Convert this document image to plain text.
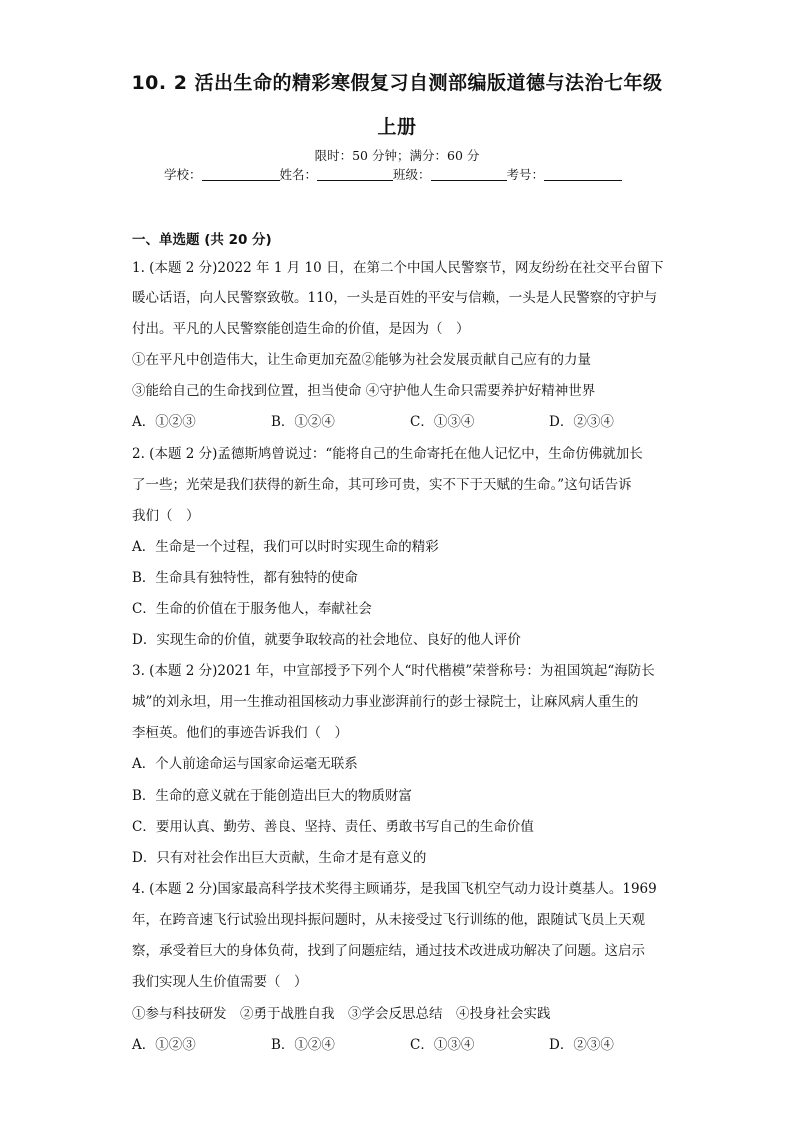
10. 2 活出生命的精彩寒假复习自测部编版道德与法治七年级
上册
限时：50 分钟；满分：60 分
学校：	姓名：	班级：	考号：
一、单选题 (共 20 分)
1. (本题 2 分)2022 年 1 月 10 日，在第二个中国人民警察节，网友纷纷在社交平台留下
暖心话语，向人民警察致敬。110，一头是百姓的平安与信赖，一头是人民警察的守护与
付出。平凡的人民警察能创造生命的价值，是因为（　）
①在平凡中创造伟大，让生命更加充盈②能够为社会发展贡献自己应有的力量
③能给自己的生命找到位置，担当使命 ④守护他人生命只需要养护好精神世界
A．①②③	B．①②④	C．①③④	D．②③④
2. (本题 2 分)孟德斯鸠曾说过：“能将自己的生命寄托在他人记忆中，生命仿佛就加长
了一些；光荣是我们获得的新生命，其可珍可贵，实不下于天赋的生命。”这句话告诉
我们（　）
A．生命是一个过程，我们可以时时实现生命的精彩
B．生命具有独特性，都有独特的使命
C．生命的价值在于服务他人，奉献社会
D．实现生命的价值，就要争取较高的社会地位、良好的他人评价
3. (本题 2 分)2021 年，中宣部授予下列个人“时代楷模”荣誉称号：为祖国筑起“海防长
城”的刘永坦，用一生推动祖国核动力事业澎湃前行的彭士禄院士，让麻风病人重生的
李桓英。他们的事迹告诉我们（　）
A．个人前途命运与国家命运毫无联系
B．生命的意义就在于能创造出巨大的物质财富
C．要用认真、勤劳、善良、坚持、责任、勇敢书写自己的生命价值
D．只有对社会作出巨大贡献，生命才是有意义的
4. (本题 2 分)国家最高科学技术奖得主顾诵芬，是我国飞机空气动力设计奠基人。1969
年，在跨音速飞行试验出现抖振问题时，从未接受过飞行训练的他，跟随试飞员上天观
察，承受着巨大的身体负荷，找到了问题症结，通过技术改进成功解决了问题。这启示
我们实现人生价值需要（　）
①参与科技研发　②勇于战胜自我　③学会反思总结　④投身社会实践
A．①②③	B．①②④	C．①③④	D．②③④
